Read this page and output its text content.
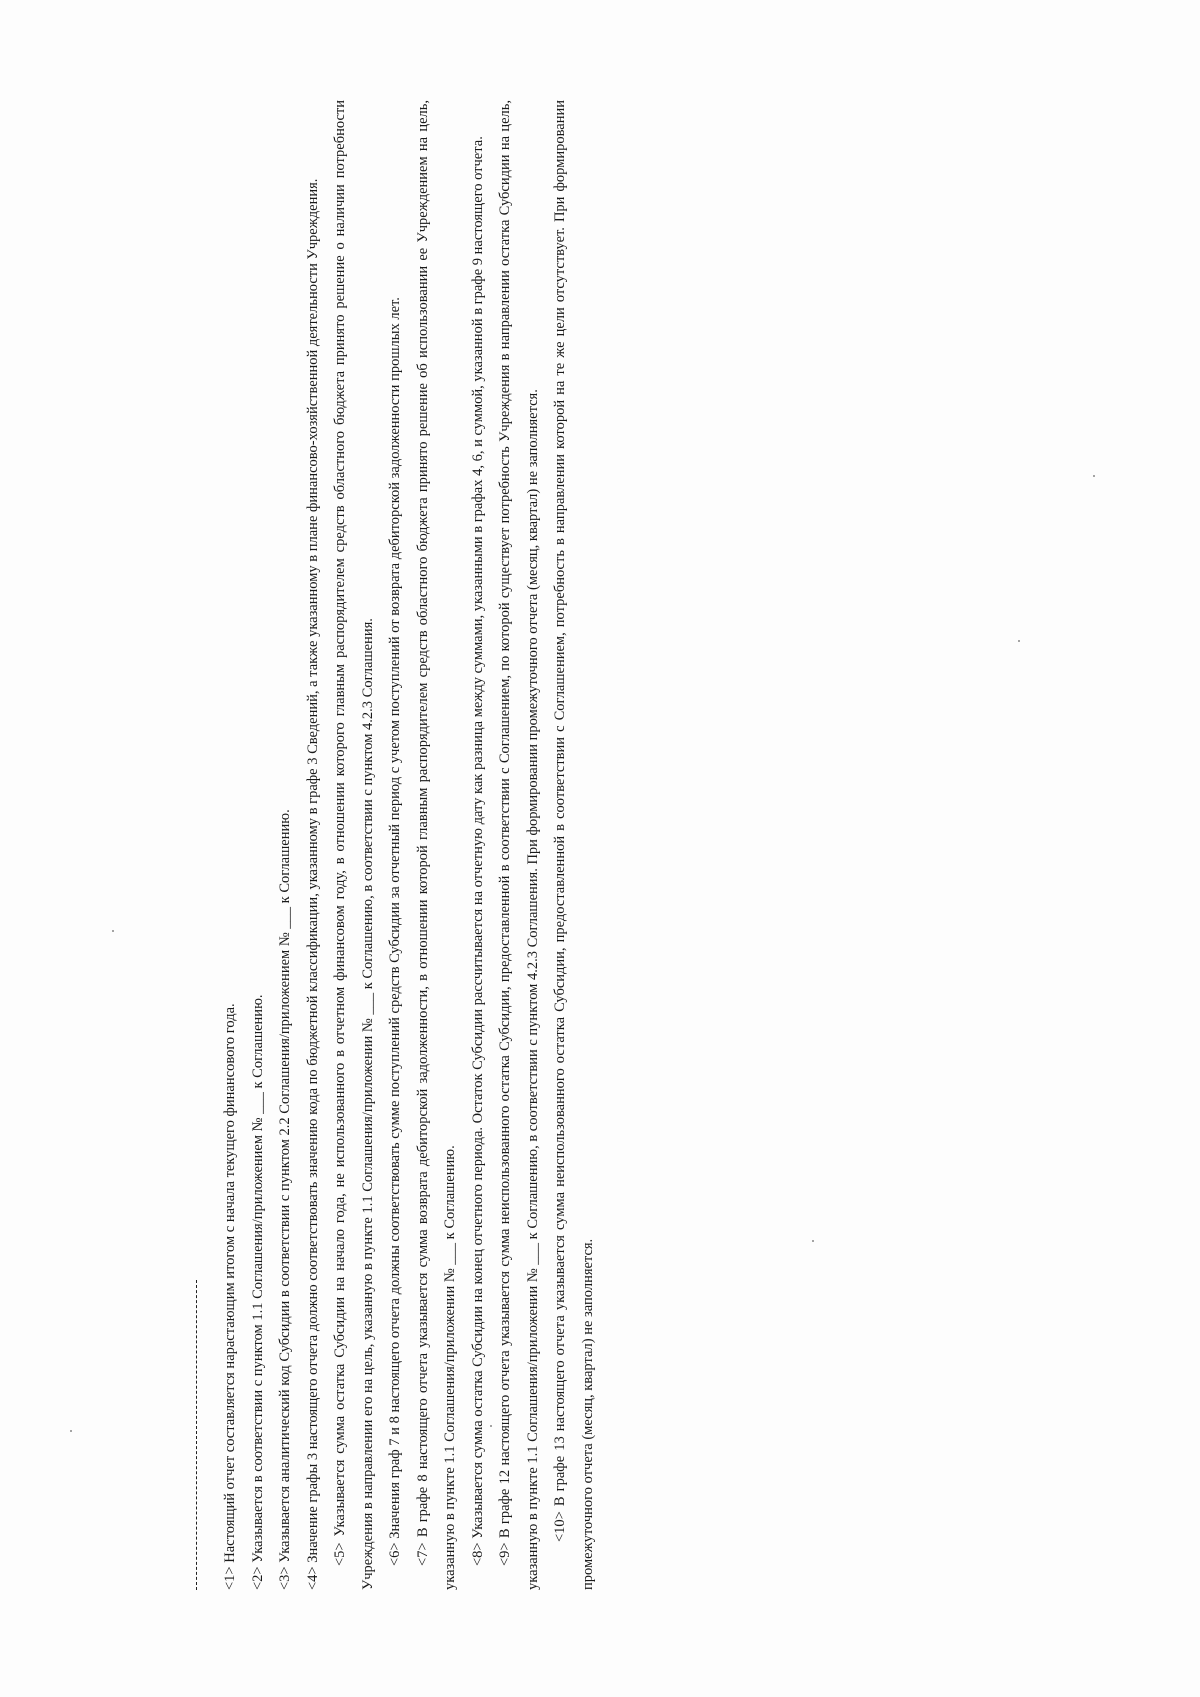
<1> Настоящий отчет составляется нарастающим итогом с начала текущего финансового года. <2> Указывается в соответствии с пунктом 1.1 Соглашения/приложением № ___ к Соглашению. <3> Указывается аналитический код Субсидии в соответствии с пунктом 2.2 Соглашения/приложением № ___ к Соглашению. <4> Значение графы 3 настоящего отчета должно соответствовать значению кода по бюджетной классификации, указанному в графе 3 Сведений, а также указанному в плане финансово-хозяйственной деятельности Учреждения. <5> Указывается сумма остатка Субсидии на начало года, не использованного в отчетном финансовом году, в отношении которого главным распорядителем средств областного бюджета принято решение о наличии потребности Учреждения в направлении его на цель, указанную в пункте 1.1 Соглашения/приложении № ___ к Соглашению, в соответствии с пунктом 4.2.3 Соглашения. <6> Значения граф 7 и 8 настоящего отчета должны соответствовать сумме поступлений средств Субсидии за отчетный период с учетом поступлений от возврата дебиторской задолженности прошлых лет. <7> В графе 8 настоящего отчета указывается сумма возврата дебиторской задолженности, в отношении которой главным распорядителем средств областного бюджета принято решение об использовании ее Учреждением на цель, указанную в пункте 1.1 Соглашения/приложении № ___ к Соглашению. <8> Указывается сумма остатка Субсидии на конец отчетного периода. Остаток Субсидии рассчитывается на отчетную дату как разница между суммами, указанными в графах 4, 6, и суммой, указанной в графе 9 настоящего отчета. <9> В графе 12 настоящего отчета указывается сумма неиспользованного остатка Субсидии, предоставленной в соответствии с Соглашением, по которой существует потребность Учреждения в направлении остатка Субсидии на цель, указанную в пункте 1.1 Соглашения/приложении № ___ к Соглашению, в соответствии с пунктом 4.2.3 Соглашения. При формировании промежуточного отчета (месяц, квартал) не заполняется. <10> В графе 13 настоящего отчета указывается сумма неиспользованного остатка Субсидии, предоставленной в соответствии с Соглашением, потребность в направлении которой на те же цели отсутствует. При формировании промежуточного отчета (месяц, квартал) не заполняется.
